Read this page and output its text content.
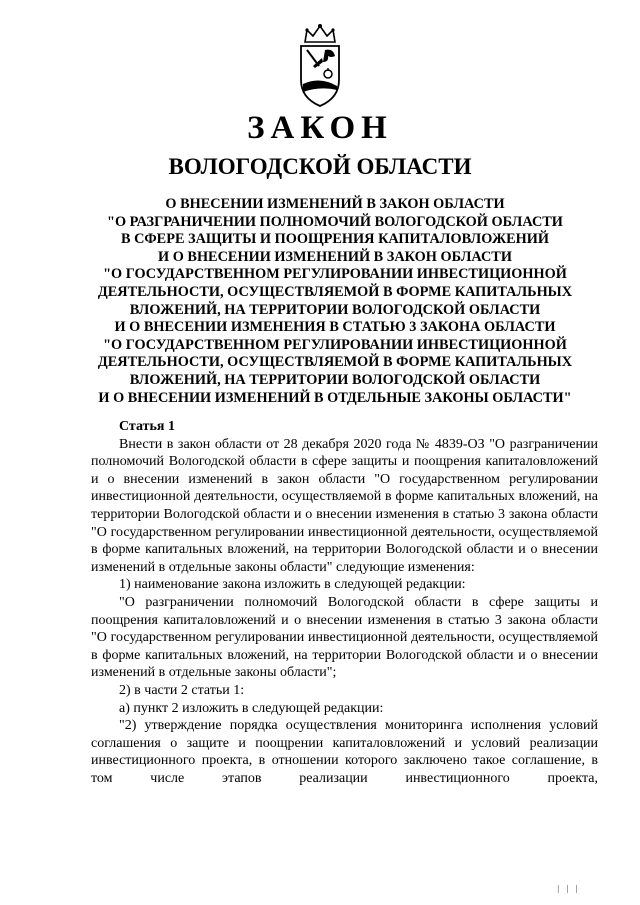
ЗАКОН
ВОЛОГОДСКОЙ ОБЛАСТИ
О ВНЕСЕНИИ ИЗМЕНЕНИЙ В ЗАКОН ОБЛАСТИ
"О РАЗГРАНИЧЕНИИ ПОЛНОМОЧИЙ ВОЛОГОДСКОЙ ОБЛАСТИ
В СФЕРЕ ЗАЩИТЫ И ПООЩРЕНИЯ КАПИТАЛОВЛОЖЕНИЙ
И О ВНЕСЕНИИ ИЗМЕНЕНИЙ В ЗАКОН ОБЛАСТИ
"О ГОСУДАРСТВЕННОМ РЕГУЛИРОВАНИИ ИНВЕСТИЦИОННОЙ
ДЕЯТЕЛЬНОСТИ, ОСУЩЕСТВЛЯЕМОЙ В ФОРМЕ КАПИТАЛЬНЫХ
ВЛОЖЕНИЙ, НА ТЕРРИТОРИИ ВОЛОГОДСКОЙ ОБЛАСТИ
И О ВНЕСЕНИИ ИЗМЕНЕНИЯ В СТАТЬЮ 3 ЗАКОНА ОБЛАСТИ
"О ГОСУДАРСТВЕННОМ РЕГУЛИРОВАНИИ ИНВЕСТИЦИОННОЙ
ДЕЯТЕЛЬНОСТИ, ОСУЩЕСТВЛЯЕМОЙ В ФОРМЕ КАПИТАЛЬНЫХ
ВЛОЖЕНИЙ, НА ТЕРРИТОРИИ ВОЛОГОДСКОЙ ОБЛАСТИ
И О ВНЕСЕНИИ ИЗМЕНЕНИЙ В ОТДЕЛЬНЫЕ ЗАКОНЫ ОБЛАСТИ"

Статья 1

Внести в закон области от 28 декабря 2020 года № 4839-ОЗ "О разграничении полномочий Вологодской области в сфере защиты и поощрения капиталовложений и о внесении изменений в закон области "О государственном регулировании инвестиционной деятельности, осуществляемой в форме капитальных вложений, на территории Вологодской области и о внесении изменения в статью 3 закона области "О государственном регулировании инвестиционной деятельности, осуществляемой в форме капитальных вложений, на территории Вологодской области и о внесении изменений в отдельные законы области" следующие изменения:

1) наименование закона изложить в следующей редакции:

"О разграничении полномочий Вологодской области в сфере защиты и поощрения капиталовложений и о внесении изменения в статью 3 закона области "О государственном регулировании инвестиционной деятельности, осуществляемой в форме капитальных вложений, на территории Вологодской области и о внесении изменений в отдельные законы области";

2) в части 2 статьи 1:

а) пункт 2 изложить в следующей редакции:

"2) утверждение порядка осуществления мониторинга исполнения условий соглашения о защите и поощрении капиталовложений и условий реализации инвестиционного проекта, в отношении которого заключено такое соглашение, в том числе этапов реализации инвестиционного проекта,

| | |
